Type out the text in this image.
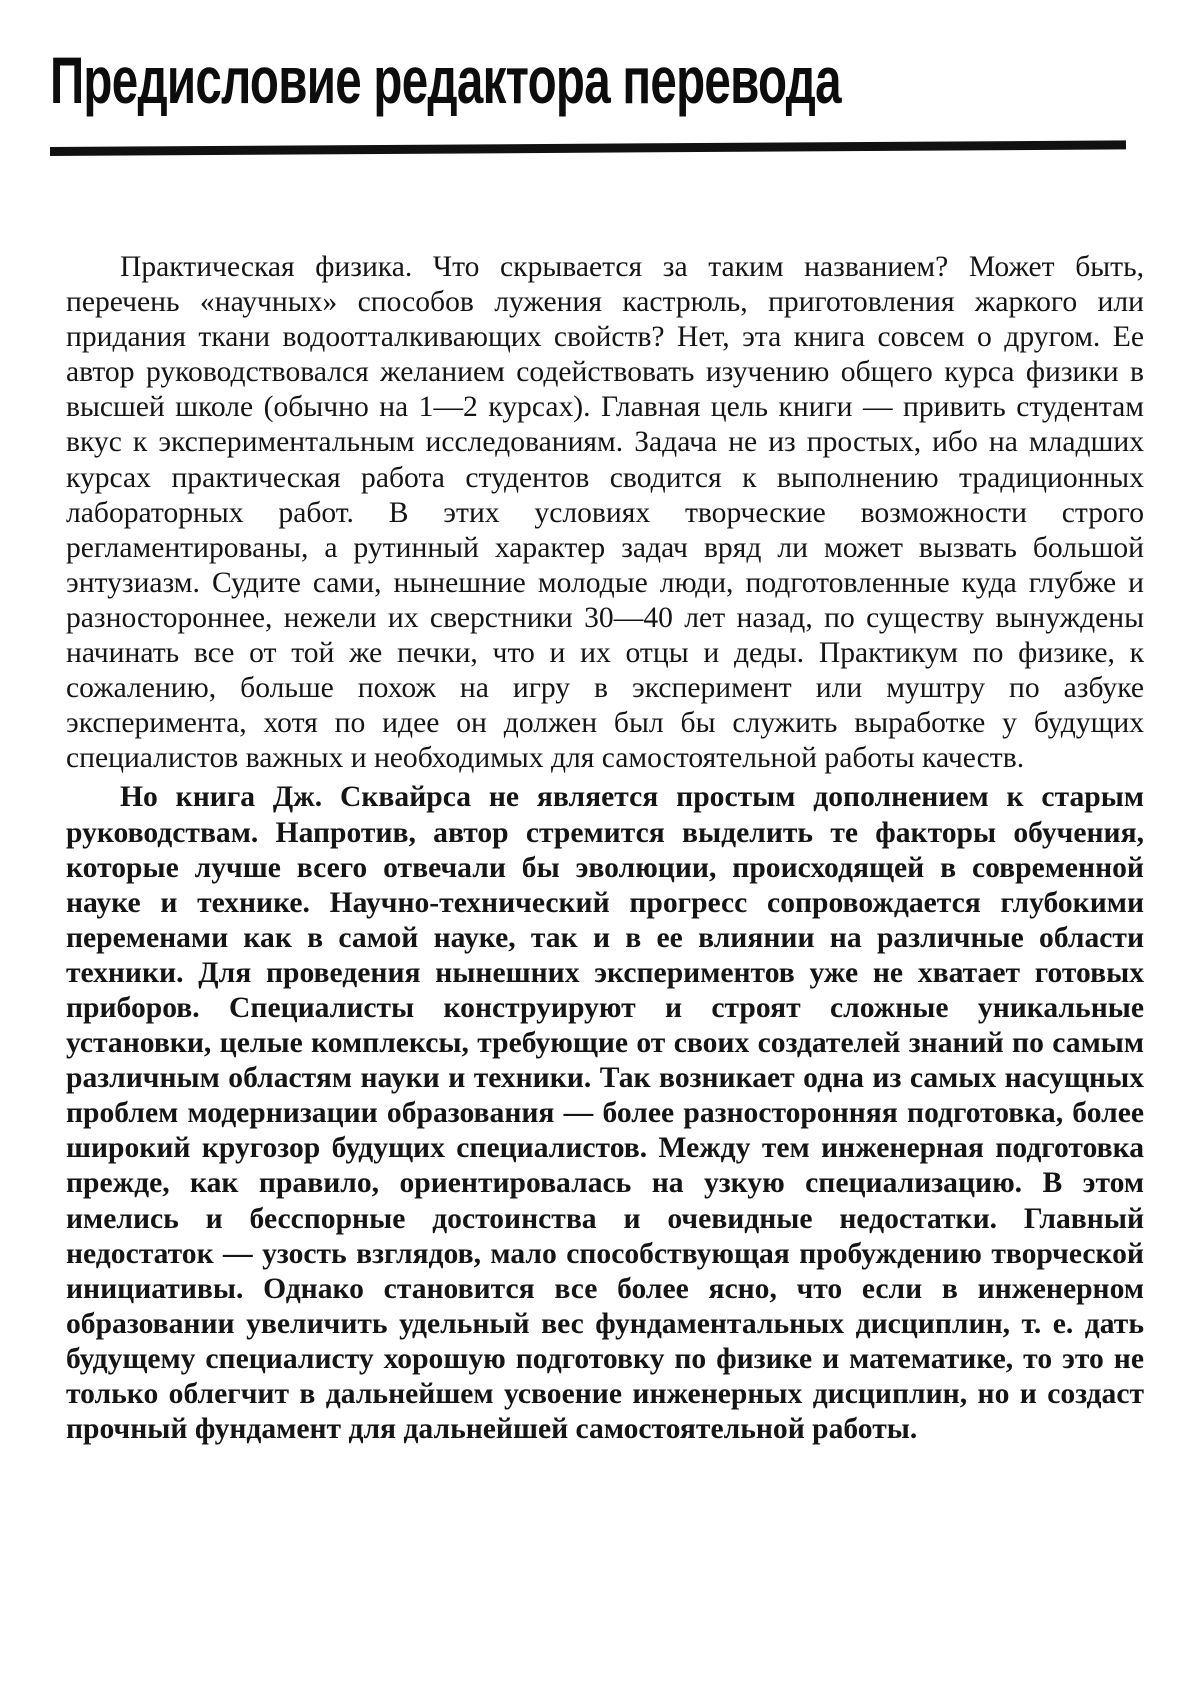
Предисловие редактора перевода

Практическая физика. Что скрывается за таким названием? Может быть, перечень «научных» способов лужения кастрюль, приготовления жаркого или придания ткани водоотталкивающих свойств? Нет, эта книга совсем о другом. Ее автор руководствовался желанием содействовать изучению общего курса физики в высшей школе (обычно на 1—2 курсах). Главная цель книги — привить студентам вкус к экспериментальным исследованиям. Задача не из простых, ибо на младших курсах практическая работа студентов сводится к выполнению традиционных лабораторных работ. В этих условиях творческие возможности строго регламентированы, а рутинный характер задач вряд ли может вызвать большой энтузиазм. Судите сами, нынешние молодые люди, подготовленные куда глубже и разностороннее, нежели их сверстники 30—40 лет назад, по существу вынуждены начинать все от той же печки, что и их отцы и деды. Практикум по физике, к сожалению, больше похож на игру в эксперимент или муштру по азбуке эксперимента, хотя по идее он должен был бы служить выработке у будущих специалистов важных и необходимых для самостоятельной работы качеств.

Но книга Дж. Сквайрса не является простым дополнением к старым руководствам. Напротив, автор стремится выделить те факторы обучения, которые лучше всего отвечали бы эволюции, происходящей в современной науке и технике. Научно-технический прогресс сопровождается глубокими переменами как в самой науке, так и в ее влиянии на различные области техники. Для проведения нынешних экспериментов уже не хватает готовых приборов. Специалисты конструируют и строят сложные уникальные установки, целые комплексы, требующие от своих создателей знаний по самым различным областям науки и техники. Так возникает одна из самых насущных проблем модернизации образования — более разносторонняя подготовка, более широкий кругозор будущих специалистов. Между тем инженерная подготовка прежде, как правило, ориентировалась на узкую специализацию. В этом имелись и бесспорные достоинства и очевидные недостатки. Главный недостаток — узость взглядов, мало способствующая пробуждению творческой инициативы. Однако становится все более ясно, что если в инженерном образовании увеличить удельный вес фундаментальных дисциплин, т. е. дать будущему специалисту хорошую подготовку по физике и математике, то это не только облегчит в дальнейшем усвоение инженерных дисциплин, но и создаст прочный фундамент для дальнейшей самостоятельной работы.
